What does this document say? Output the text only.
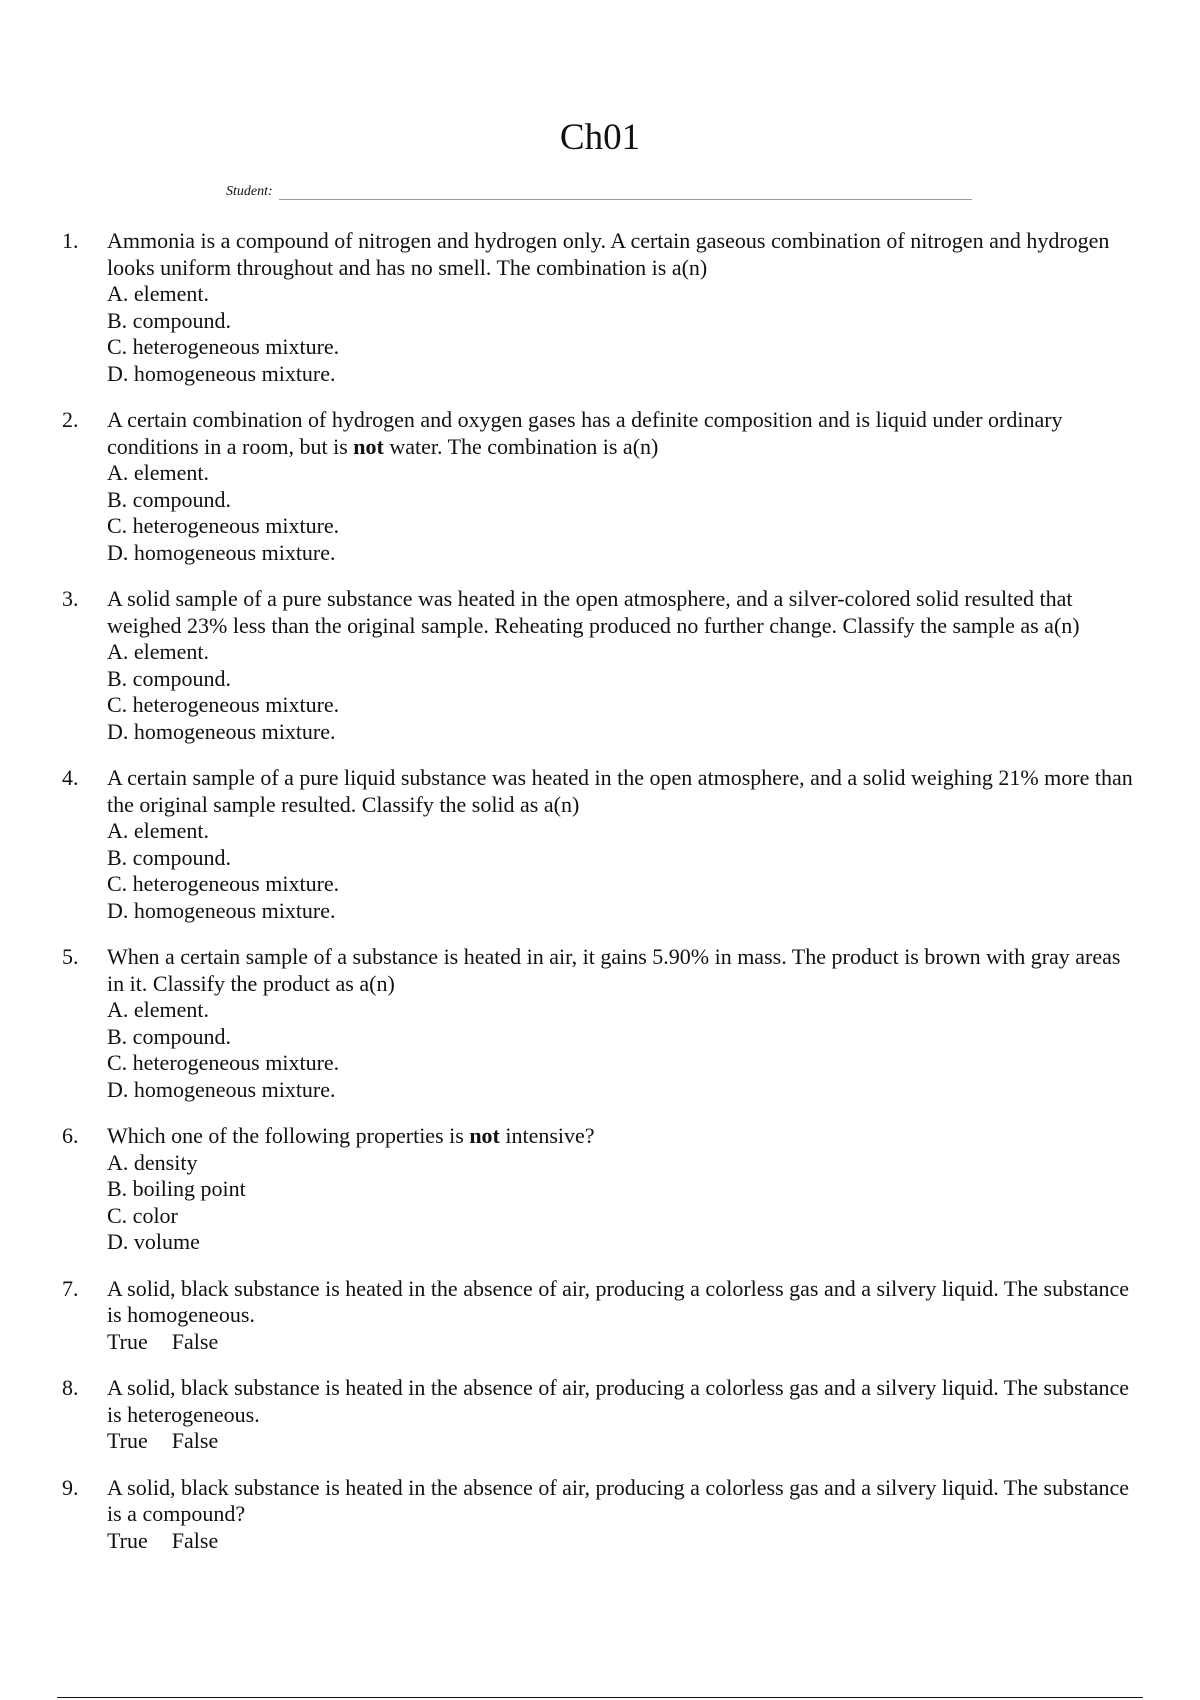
Ch01
Student:
1. Ammonia is a compound of nitrogen and hydrogen only. A certain gaseous combination of nitrogen and hydrogen looks uniform throughout and has no smell. The combination is a(n)
A. element.
B. compound.
C. heterogeneous mixture.
D. homogeneous mixture.
2. A certain combination of hydrogen and oxygen gases has a definite composition and is liquid under ordinary conditions in a room, but is not water. The combination is a(n)
A. element.
B. compound.
C. heterogeneous mixture.
D. homogeneous mixture.
3. A solid sample of a pure substance was heated in the open atmosphere, and a silver-colored solid resulted that weighed 23% less than the original sample. Reheating produced no further change. Classify the sample as a(n)
A. element.
B. compound.
C. heterogeneous mixture.
D. homogeneous mixture.
4. A certain sample of a pure liquid substance was heated in the open atmosphere, and a solid weighing 21% more than the original sample resulted. Classify the solid as a(n)
A. element.
B. compound.
C. heterogeneous mixture.
D. homogeneous mixture.
5. When a certain sample of a substance is heated in air, it gains 5.90% in mass. The product is brown with gray areas in it. Classify the product as a(n)
A. element.
B. compound.
C. heterogeneous mixture.
D. homogeneous mixture.
6. Which one of the following properties is not intensive?
A. density
B. boiling point
C. color
D. volume
7. A solid, black substance is heated in the absence of air, producing a colorless gas and a silvery liquid. The substance is homogeneous.
True False
8. A solid, black substance is heated in the absence of air, producing a colorless gas and a silvery liquid. The substance is heterogeneous.
True False
9. A solid, black substance is heated in the absence of air, producing a colorless gas and a silvery liquid. The substance is a compound?
True False
